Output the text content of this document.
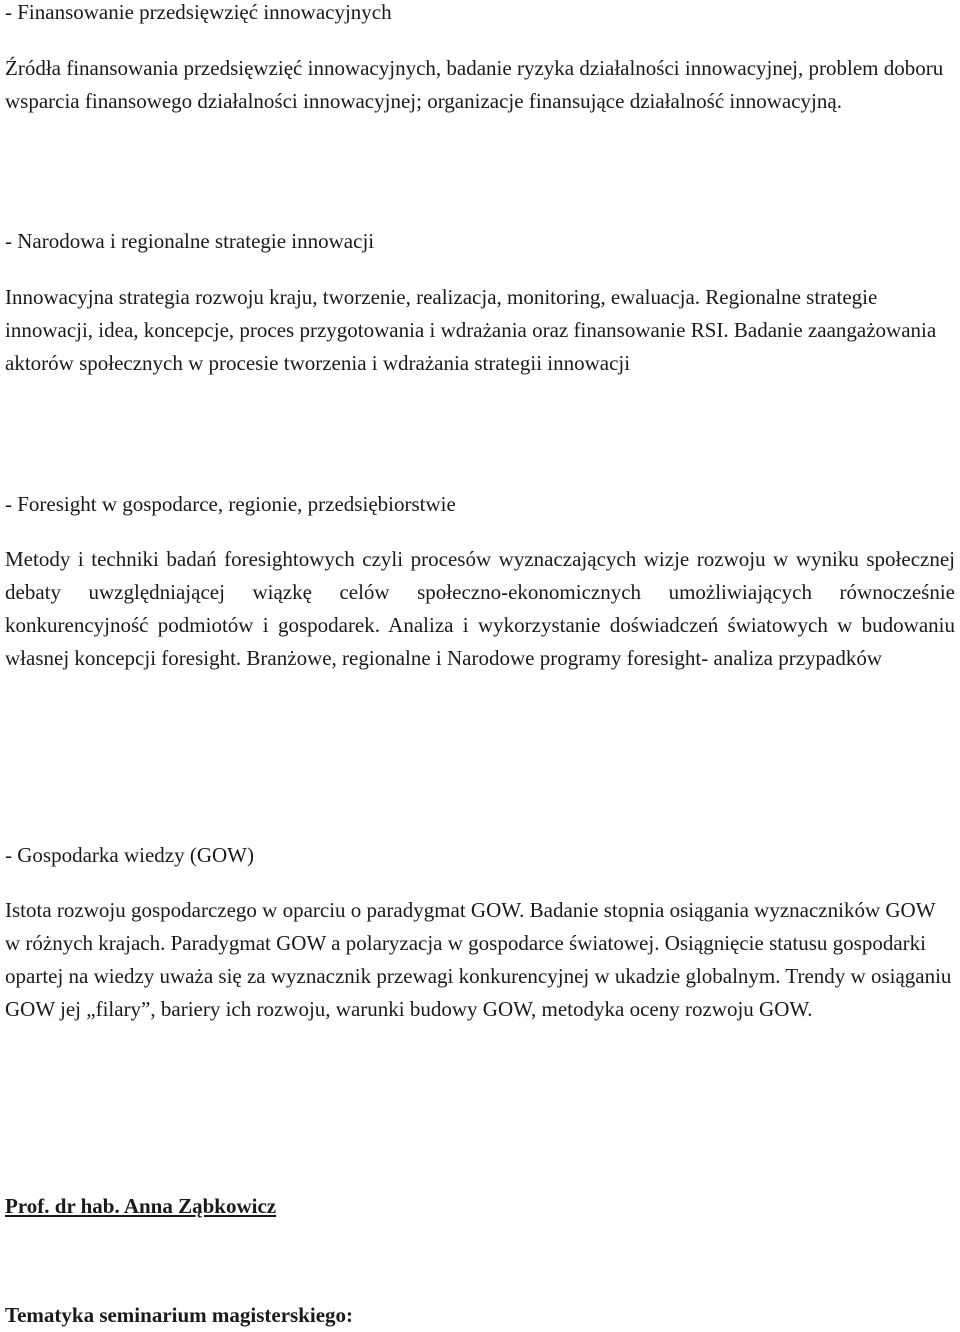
- Finansowanie przedsięwzięć innowacyjnych

Źródła finansowania przedsięwzięć innowacyjnych, badanie ryzyka działalności innowacyjnej, problem doboru wsparcia finansowego działalności innowacyjnej; organizacje finansujące działalność innowacyjną.

- Narodowa i regionalne strategie innowacji

Innowacyjna strategia rozwoju kraju, tworzenie, realizacja, monitoring, ewaluacja. Regionalne strategie innowacji, idea, koncepcje, proces przygotowania i wdrażania oraz finansowanie RSI. Badanie zaangażowania aktorów społecznych w procesie tworzenia i wdrażania strategii innowacji

- Foresight w gospodarce, regionie, przedsiębiorstwie

Metody i techniki badań foresightowych czyli procesów wyznaczających wizje rozwoju w wyniku społecznej debaty uwzględniającej wiązkę celów społeczno-ekonomicznych umożliwiających równocześnie konkurencyjność podmiotów i gospodarek. Analiza i wykorzystanie doświadczeń światowych w budowaniu własnej koncepcji foresight. Branżowe, regionalne i Narodowe programy foresight- analiza przypadków

- Gospodarka wiedzy (GOW)

Istota rozwoju gospodarczego w oparciu o paradygmat GOW. Badanie stopnia osiągania wyznaczników GOW w różnych krajach. Paradygmat GOW a polaryzacja w gospodarce światowej. Osiągnięcie statusu gospodarki opartej na wiedzy uważa się za wyznacznik przewagi konkurencyjnej w ukadzie globalnym. Trendy w osiąganiu GOW jej „filary”, bariery ich rozwoju, warunki budowy GOW, metodyka oceny rozwoju GOW.

Prof. dr hab. Anna Ząbkowicz

Tematyka seminarium magisterskiego:
